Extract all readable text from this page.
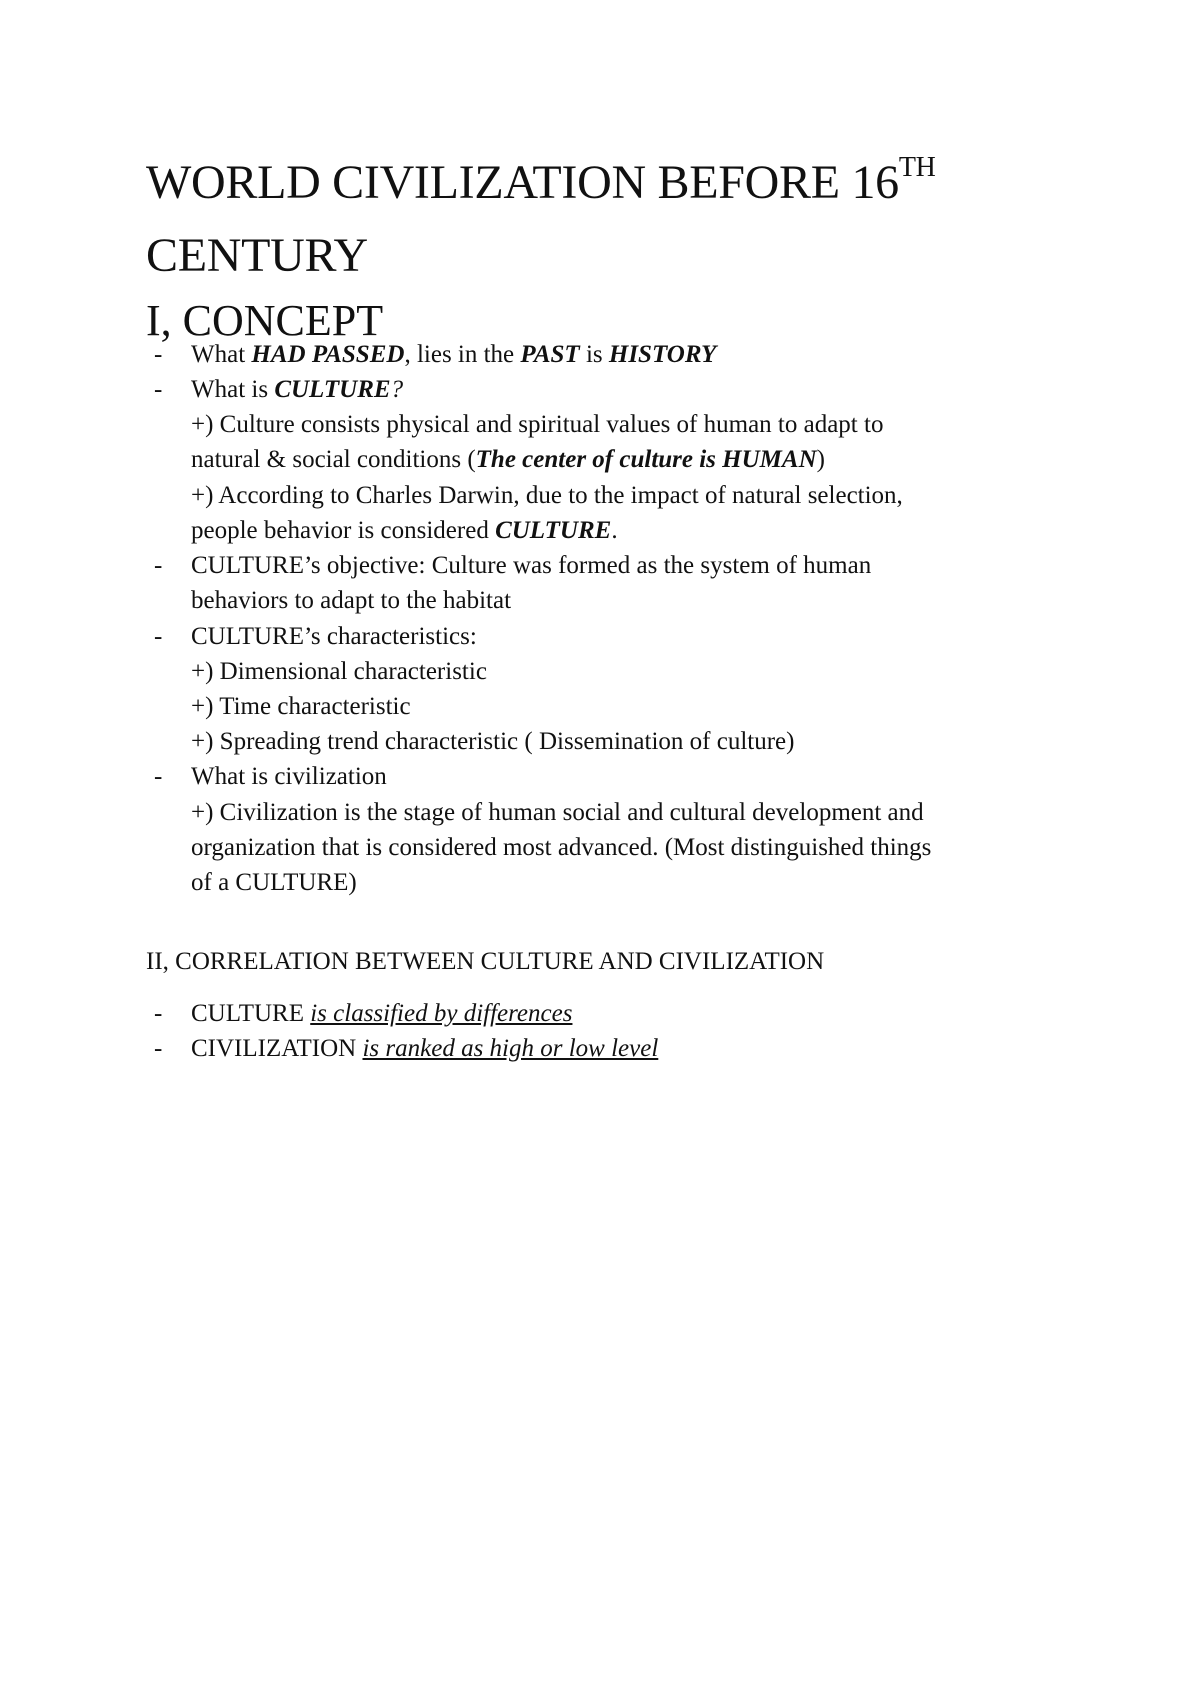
WORLD CIVILIZATION BEFORE 16TH
CENTURY
I, CONCEPT
- What HAD PASSED, lies in the PAST is HISTORY
- What is CULTURE?
+) Culture consists physical and spiritual values of human to adapt to
natural & social conditions (The center of culture is HUMAN)
+) According to Charles Darwin, due to the impact of natural selection,
people behavior is considered CULTURE.
- CULTURE’s objective: Culture was formed as the system of human
behaviors to adapt to the habitat
- CULTURE’s characteristics:
+) Dimensional characteristic
+) Time characteristic
+) Spreading trend characteristic ( Dissemination of culture)
- What is civilization
+) Civilization is the stage of human social and cultural development and
organization that is considered most advanced. (Most distinguished things
of a CULTURE)
II, CORRELATION BETWEEN CULTURE AND CIVILIZATION
- CULTURE is classified by differences
- CIVILIZATION is ranked as high or low level
